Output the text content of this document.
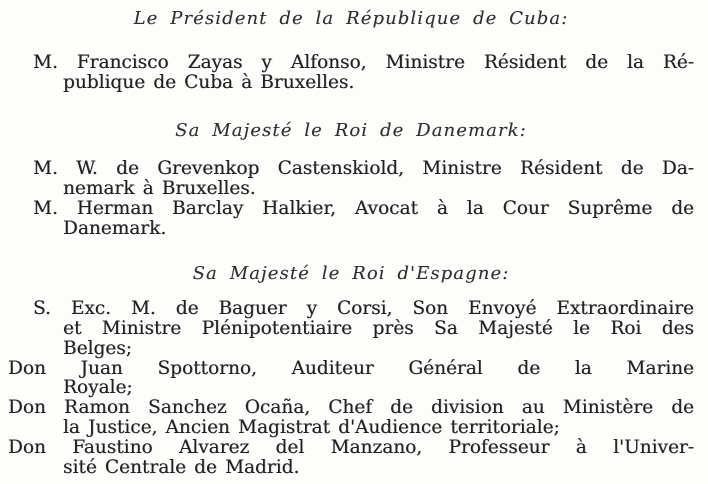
Le Président de la République de Cuba:
M. Francisco Zayas y Alfonso, Ministre Résident de la Ré-
publique de Cuba à Bruxelles.
Sa Majesté le Roi de Danemark:
M. W. de Grevenkop Castenskiold, Ministre Résident de Da-
nemark à Bruxelles.
M. Herman Barclay Halkier, Avocat à la Cour Suprême de
Danemark.
Sa Majesté le Roi d'Espagne:
S. Exc. M. de Baguer y Corsi, Son Envoyé Extraordinaire
et Ministre Plénipotentiaire près Sa Majesté le Roi des
Belges;
Don Juan Spottorno, Auditeur Général de la Marine
Royale;
Don Ramon Sanchez Ocaña, Chef de division au Ministère de
la Justice, Ancien Magistrat d'Audience territoriale;
Don Faustino Alvarez del Manzano, Professeur à l'Univer-
sité Centrale de Madrid.
